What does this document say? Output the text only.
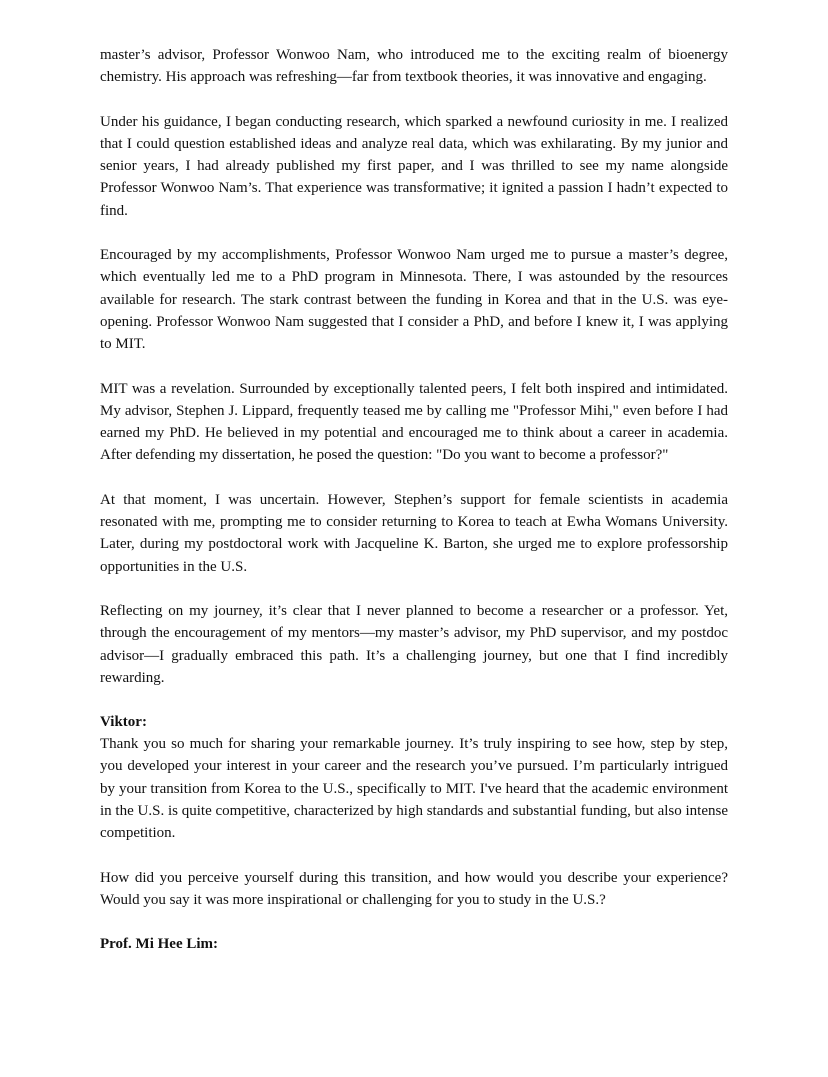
master’s advisor, Professor Wonwoo Nam, who introduced me to the exciting realm of bioenergy chemistry. His approach was refreshing—far from textbook theories, it was innovative and engaging.

Under his guidance, I began conducting research, which sparked a newfound curiosity in me. I realized that I could question established ideas and analyze real data, which was exhilarating. By my junior and senior years, I had already published my first paper, and I was thrilled to see my name alongside Professor Wonwoo Nam’s. That experience was transformative; it ignited a passion I hadn’t expected to find.

Encouraged by my accomplishments, Professor Wonwoo Nam urged me to pursue a master’s degree, which eventually led me to a PhD program in Minnesota. There, I was astounded by the resources available for research. The stark contrast between the funding in Korea and that in the U.S. was eye-opening. Professor Wonwoo Nam suggested that I consider a PhD, and before I knew it, I was applying to MIT.

MIT was a revelation. Surrounded by exceptionally talented peers, I felt both inspired and intimidated. My advisor, Stephen J. Lippard, frequently teased me by calling me "Professor Mihi," even before I had earned my PhD. He believed in my potential and encouraged me to think about a career in academia. After defending my dissertation, he posed the question: "Do you want to become a professor?"

At that moment, I was uncertain. However, Stephen’s support for female scientists in academia resonated with me, prompting me to consider returning to Korea to teach at Ewha Womans University. Later, during my postdoctoral work with Jacqueline K. Barton, she urged me to explore professorship opportunities in the U.S.

Reflecting on my journey, it’s clear that I never planned to become a researcher or a professor. Yet, through the encouragement of my mentors—my master’s advisor, my PhD supervisor, and my postdoc advisor—I gradually embraced this path. It’s a challenging journey, but one that I find incredibly rewarding.

Viktor:

Thank you so much for sharing your remarkable journey. It’s truly inspiring to see how, step by step, you developed your interest in your career and the research you’ve pursued. I’m particularly intrigued by your transition from Korea to the U.S., specifically to MIT. I've heard that the academic environment in the U.S. is quite competitive, characterized by high standards and substantial funding, but also intense competition.

How did you perceive yourself during this transition, and how would you describe your experience? Would you say it was more inspirational or challenging for you to study in the U.S.?

Prof. Mi Hee Lim:
